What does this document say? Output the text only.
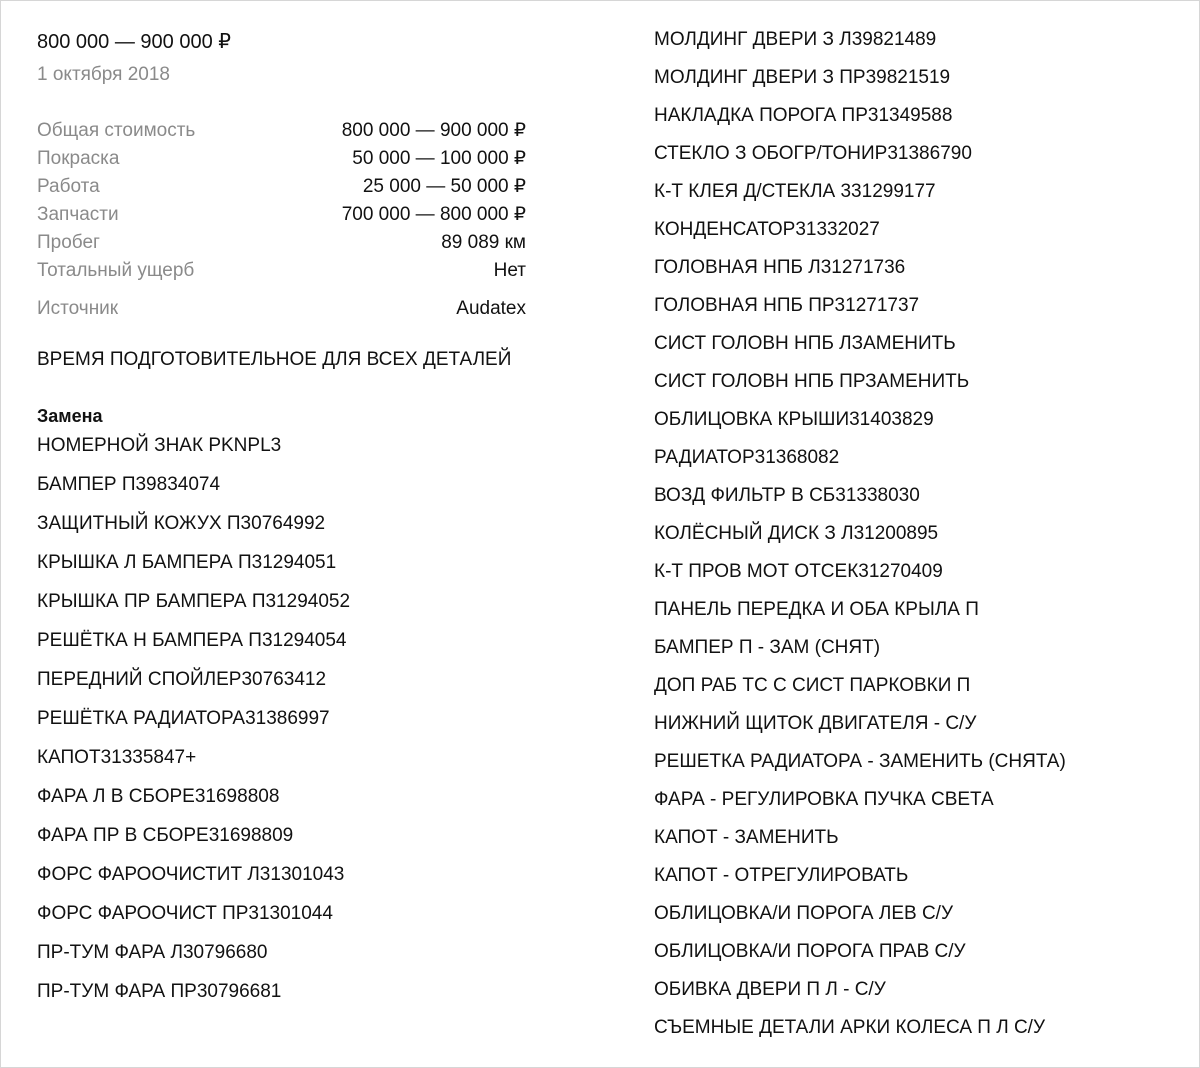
800 000 — 900 000 ₽
1 октября 2018
Общая стоимость	800 000 — 900 000 ₽
Покраска	50 000 — 100 000 ₽
Работа	25 000 — 50 000 ₽
Запчасти	700 000 — 800 000 ₽
Пробег	89 089 км
Тотальный ущерб	Нет
Источник	Audatex
ВРЕМЯ ПОДГОТОВИТЕЛЬНОЕ ДЛЯ ВСЕХ ДЕТАЛЕЙ
Замена
НОМЕРНОЙ ЗНАК PKNPL3
БАМПЕР П39834074
ЗАЩИТНЫЙ КОЖУХ П30764992
КРЫШКА Л БАМПЕРА П31294051
КРЫШКА ПР БАМПЕРА П31294052
РЕШЁТКА Н БАМПЕРА П31294054
ПЕРЕДНИЙ СПОЙЛЕР30763412
РЕШЁТКА РАДИАТОРА31386997
КАПОТ31335847+
ФАРА Л В СБОРЕ31698808
ФАРА ПР В СБОРЕ31698809
ФОРС ФАРООЧИСТИТ Л31301043
ФОРС ФАРООЧИСТ ПР31301044
ПР-ТУМ ФАРА Л30796680
ПР-ТУМ ФАРА ПР30796681
МОЛДИНГ ДВЕРИ З Л39821489
МОЛДИНГ ДВЕРИ З ПР39821519
НАКЛАДКА ПОРОГА ПР31349588
СТЕКЛО З ОБОГР/ТОНИР31386790
К-Т КЛЕЯ Д/СТЕКЛА 331299177
КОНДЕНСАТОР31332027
ГОЛОВНАЯ НПБ Л31271736
ГОЛОВНАЯ НПБ ПР31271737
СИСТ ГОЛОВН НПБ ЛЗАМЕНИТЬ
СИСТ ГОЛОВН НПБ ПРЗАМЕНИТЬ
ОБЛИЦОВКА КРЫШИ31403829
РАДИАТОР31368082
ВОЗД ФИЛЬТР В СБ31338030
КОЛЁСНЫЙ ДИСК З Л31200895
К-Т ПРОВ МОТ ОТСЕК31270409
ПАНЕЛЬ ПЕРЕДКА И ОБА КРЫЛА П
БАМПЕР П - ЗАМ (СНЯТ)
ДОП РАБ ТС С СИСТ ПАРКОВКИ П
НИЖНИЙ ЩИТОК ДВИГАТЕЛЯ - С/У
РЕШЕТКА РАДИАТОРА - ЗАМЕНИТЬ (СНЯТА)
ФАРА - РЕГУЛИРОВКА ПУЧКА СВЕТА
КАПОТ - ЗАМЕНИТЬ
КАПОТ - ОТРЕГУЛИРОВАТЬ
ОБЛИЦОВКА/И ПОРОГА ЛЕВ С/У
ОБЛИЦОВКА/И ПОРОГА ПРАВ С/У
ОБИВКА ДВЕРИ П Л - С/У
СЪЕМНЫЕ ДЕТАЛИ АРКИ КОЛЕСА П Л С/У
